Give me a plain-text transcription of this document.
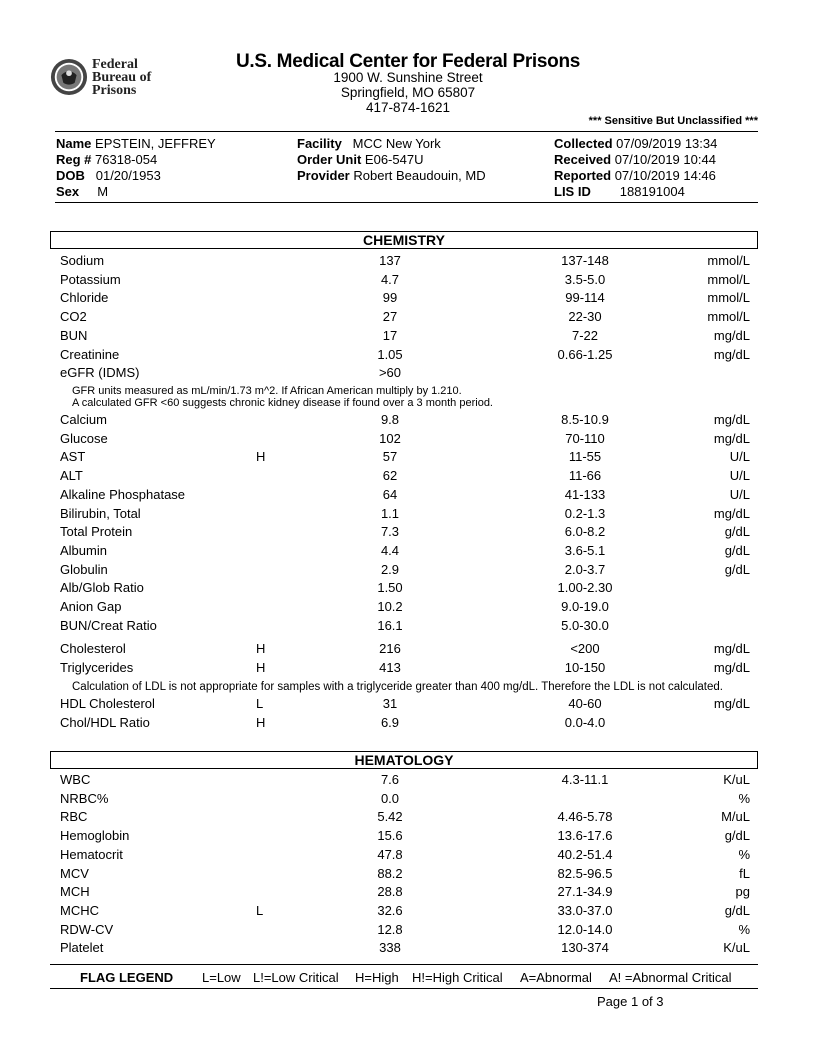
Federal
Bureau of
Prisons
U.S. Medical Center for Federal Prisons
1900 W. Sunshine Street
Springfield, MO 65807
417-874-1621
*** Sensitive But Unclassified ***
Name EPSTEIN, JEFFREY
Reg # 76318-054
DOB 01/20/1953
Sex M
Facility MCC New York
Order Unit E06-547U
Provider Robert Beaudouin, MD
Collected 07/09/2019 13:34
Received 07/10/2019 10:44
Reported 07/10/2019 14:46
LIS ID 188191004
CHEMISTRY
Sodium	137	137-148	mmol/L
Potassium	4.7	3.5-5.0	mmol/L
Chloride	99	99-114	mmol/L
CO2	27	22-30	mmol/L
BUN	17	7-22	mg/dL
Creatinine	1.05	0.66-1.25	mg/dL
eGFR (IDMS)	>60
GFR units measured as mL/min/1.73 m^2. If African American multiply by 1.210.
A calculated GFR <60 suggests chronic kidney disease if found over a 3 month period.
Calcium	9.8	8.5-10.9	mg/dL
Glucose	102	70-110	mg/dL
AST	H	57	11-55	U/L
ALT	62	11-66	U/L
Alkaline Phosphatase	64	41-133	U/L
Bilirubin, Total	1.1	0.2-1.3	mg/dL
Total Protein	7.3	6.0-8.2	g/dL
Albumin	4.4	3.6-5.1	g/dL
Globulin	2.9	2.0-3.7	g/dL
Alb/Glob Ratio	1.50	1.00-2.30
Anion Gap	10.2	9.0-19.0
BUN/Creat Ratio	16.1	5.0-30.0
Cholesterol	H	216	<200	mg/dL
Triglycerides	H	413	10-150	mg/dL
Calculation of LDL is not appropriate for samples with a triglyceride greater than 400 mg/dL. Therefore the LDL is not calculated.
HDL Cholesterol	L	31	40-60	mg/dL
Chol/HDL Ratio	H	6.9	0.0-4.0
HEMATOLOGY
WBC	7.6	4.3-11.1	K/uL
NRBC%	0.0	%
RBC	5.42	4.46-5.78	M/uL
Hemoglobin	15.6	13.6-17.6	g/dL
Hematocrit	47.8	40.2-51.4	%
MCV	88.2	82.5-96.5	fL
MCH	28.8	27.1-34.9	pg
MCHC	L	32.6	33.0-37.0	g/dL
RDW-CV	12.8	12.0-14.0	%
Platelet	338	130-374	K/uL
FLAG LEGEND L=Low L!=Low Critical H=High H!=High Critical A=Abnormal A! =Abnormal Critical
Page 1 of 3
